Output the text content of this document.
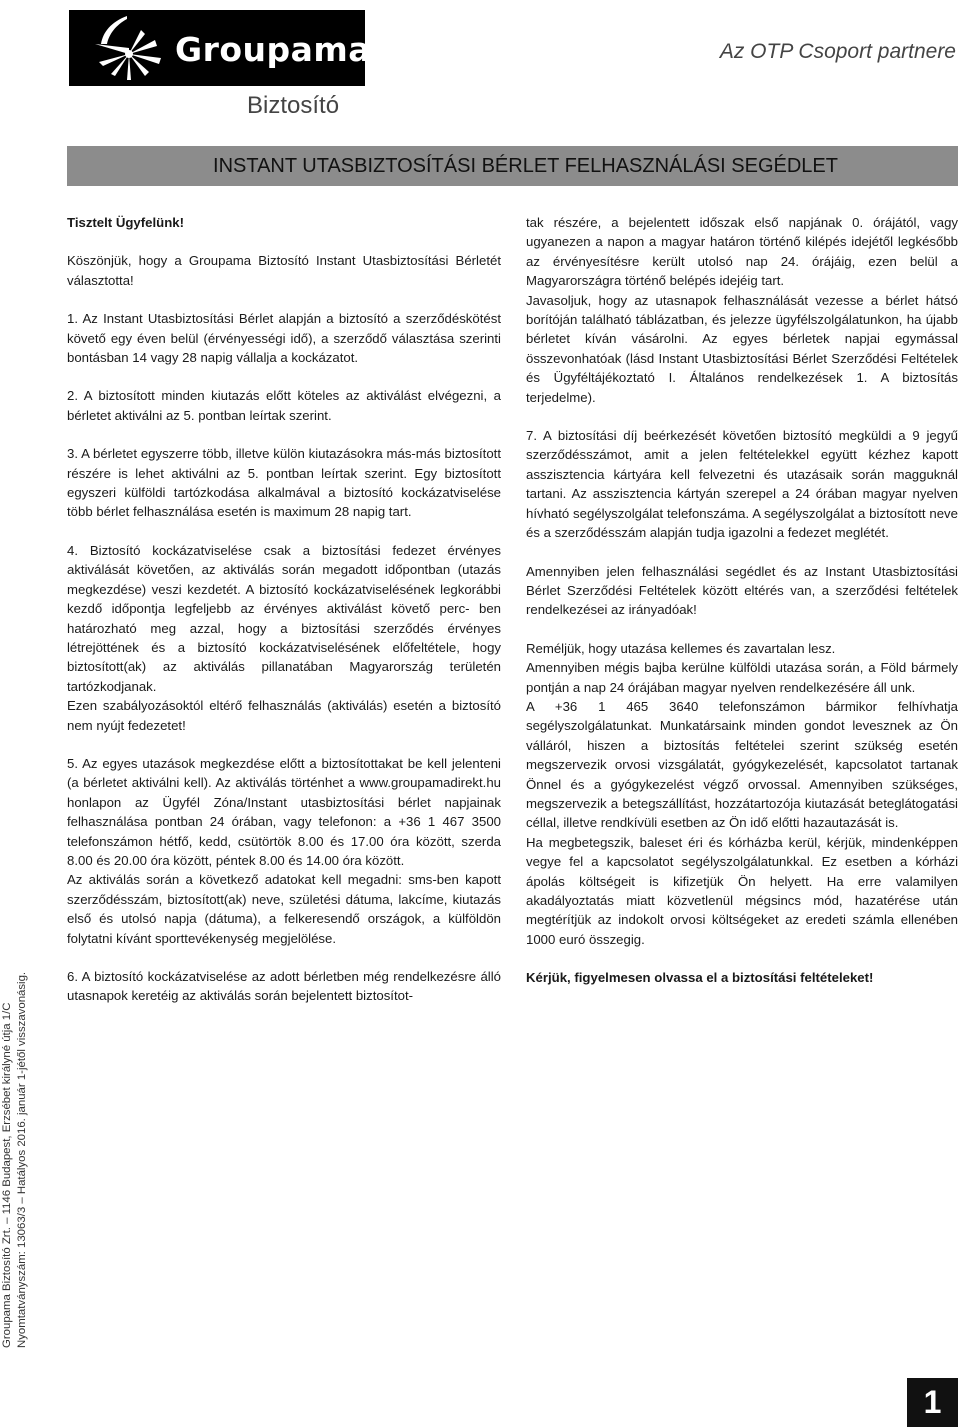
Groupama	Az OTP Csoport partnere
Biztosító
INSTANT UTASBIZTOSÍTÁSI BÉRLET FELHASZNÁLÁSI SEGÉDLET

Tisztelt Ügyfelünk!

Köszönjük, hogy a Groupama Biztosító Instant Utasbiztosítási Bérletét választotta!

1. Az Instant Utasbiztosítási Bérlet alapján a biztosító a szerződéskötést követő egy éven belül (érvényességi idő), a szerződő választása szerinti bontásban 14 vagy 28 napig vállalja a kockázatot.

2. A biztosított minden kiutazás előtt köteles az aktiválást elvégezni, a bérletet aktiválni az 5. pontban leírtak szerint.

3. A bérletet egyszerre több, illetve külön kiutazásokra más-más biztosított részére is lehet aktiválni az 5. pontban leírtak szerint. Egy biztosított egyszeri külföldi tartózkodása alkalmával a biztosító kockázatviselése több bérlet felhasználása esetén is maximum 28 napig tart.

4. Biztosító kockázatviselése csak a biztosítási fedezet érvényes aktiválását követően, az aktiválás során megadott időpontban (utazás megkezdése) veszi kezdetét. A biztosító kockázatviselésének legkorábbi kezdő időpontja legfeljebb az érvényes aktiválást követő perc- ben határozható meg azzal, hogy a biztosítási szerződés érvényes létrejöttének és a biztosító kockázatviselésének előfeltétele, hogy biztosított(ak) az aktiválás pillanatában Magyarország területén tartózkodjanak.

Ezen szabályozásoktól eltérő felhasználás (aktiválás) esetén a biztosító nem nyújt fedezetet!

5. Az egyes utazások megkezdése előtt a biztosítottakat be kell jelenteni (a bérletet aktiválni kell). Az aktiválás történhet a www.groupamadirekt.hu honlapon az Ügyfél Zóna/Instant utasbiztosítási bérlet napjainak felhasználása pontban 24 órában, vagy telefonon: a +36 1 467 3500 telefonszámon hétfő, kedd, csütörtök 8.00 és 17.00 óra között, szerda 8.00 és 20.00 óra között, péntek 8.00 és 14.00 óra között.

Az aktiválás során a következő adatokat kell megadni: sms-ben kapott szerződésszám, biztosított(ak) neve, születési dátuma, lakcíme, kiutazás első és utolsó napja (dátuma), a felkeresendő országok, a külföldön folytatni kívánt sporttevékenység megjelölése.

6. A biztosító kockázatviselése az adott bérletben még rendelkezésre álló utasnapok keretéig az aktiválás során bejelentett biztosítot-

tak részére, a bejelentett időszak első napjának 0. órájától, vagy ugyanezen a napon a magyar határon történő kilépés idejétől legkésőbb az érvényesítésre került utolsó nap 24. órájáig, ezen belül a Magyarországra történő belépés idejéig tart.

Javasoljuk, hogy az utasnapok felhasználását vezesse a bérlet hátsó borítóján található táblázatban, és jelezze ügyfélszolgálatunkon, ha újabb bérletet kíván vásárolni. Az egyes bérletek napjai egymással összevonhatóak (lásd Instant Utasbiztosítási Bérlet Szerződési Feltételek és Ügyféltájékoztató I. Általános rendelkezések 1. A biztosítás terjedelme).

7. A biztosítási díj beérkezését követően biztosító megküldi a 9 jegyű szerződésszámot, amit a jelen feltételekkel együtt kézhez kapott asszisztencia kártyára kell felvezetni és utazásaik során magguknál tartani. Az asszisztencia kártyán szerepel a 24 órában magyar nyelven hívható segélyszolgálat telefonszáma. A segélyszolgálat a biztosított neve és a szerződésszám alapján tudja igazolni a fedezet meglétét.

Amennyiben jelen felhasználási segédlet és az Instant Utasbiztosítási Bérlet Szerződési Feltételek között eltérés van, a szerződési feltételek rendelkezései az irányadóak!

Reméljük, hogy utazása kellemes és zavartalan lesz.

Amennyiben mégis bajba kerülne külföldi utazása során, a Föld bármely pontján a nap 24 órájában magyar nyelven rendelkezésére áll unk.

A +36 1 465 3640 telefonszámon bármikor felhívhatja segélyszolgálatunkat. Munkatársaink minden gondot levesznek az Ön válláról, hiszen a biztosítás feltételei szerint szükség esetén megszervezik orvosi vizsgálatát, gyógykezelését, kapcsolatot tartanak Önnel és a gyógykezelést végző orvossal. Amennyiben szükséges, megszervezik a betegszállítást, hozzátartozója kiutazását beteglátogatási céllal, illetve rendkívüli esetben az Ön idő előtti hazautazását is.

Ha megbetegszik, baleset éri és kórházba kerül, kérjük, mindenképpen vegye fel a kapcsolatot segélyszolgálatunkkal. Ez esetben a kórházi ápolás költségeit is kifizetjük Ön helyett. Ha erre valamilyen akadályoztatás miatt közvetlenül mégsincs mód, hazatérése után megtérítjük az indokolt orvosi költségeket az eredeti számla ellenében 1000 euró összegig.

Kérjük, figyelmesen olvassa el a biztosítási feltételeket!

Groupama Biztosító Zrt. – 1146 Budapest, Erzsébet királyné útja 1/C Nyomtatványszám: 13063/3 – Hatályos 2016. január 1-jétől visszavonásig.
1
